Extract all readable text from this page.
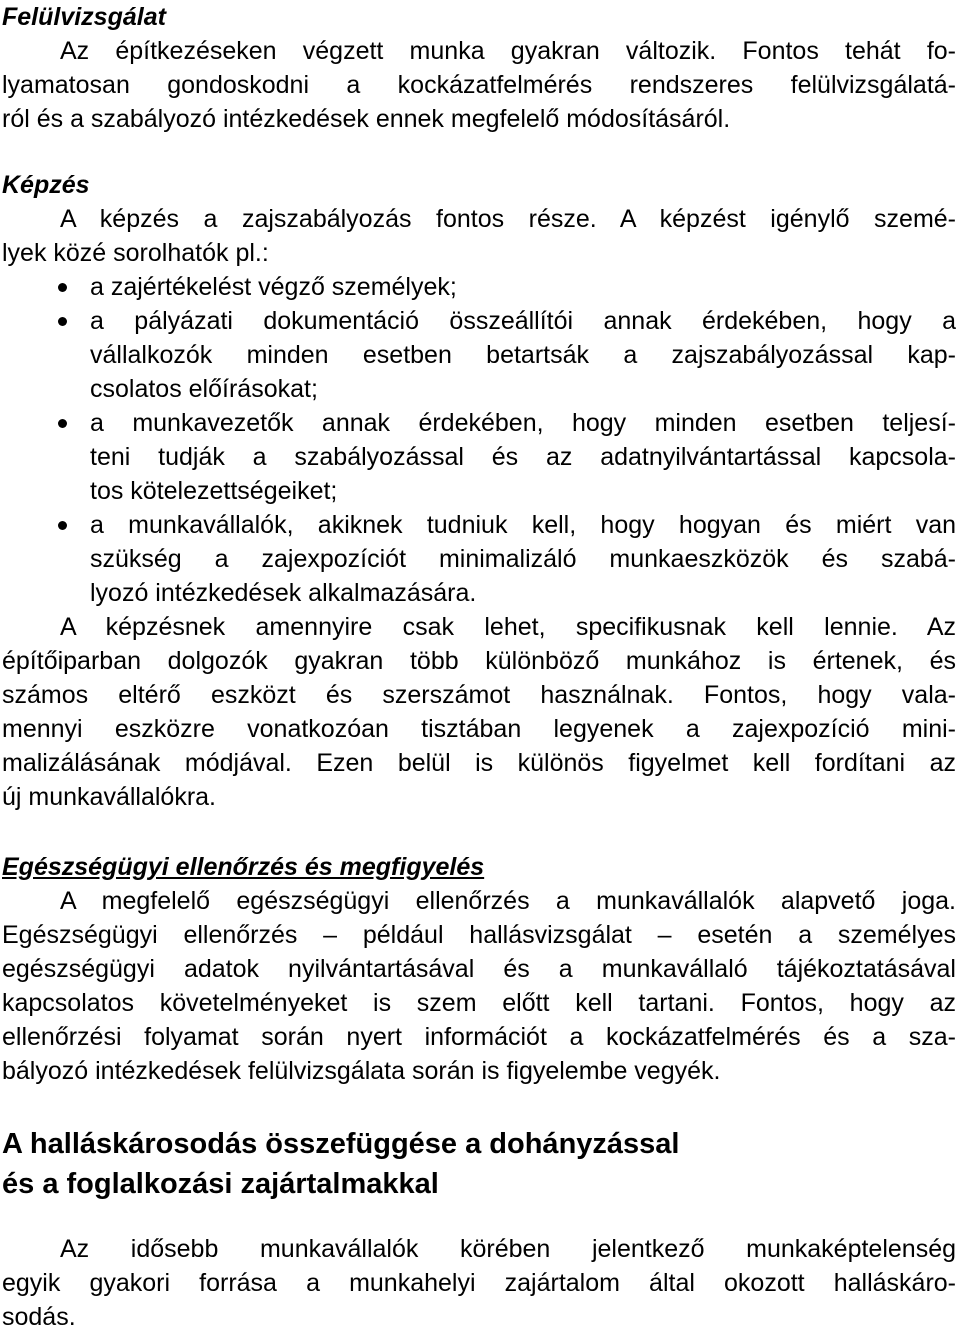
Felülvizsgálat
Az építkezéseken végzett munka gyakran változik. Fontos tehát fo-
lyamatosan gondoskodni a kockázatfelmérés rendszeres felülvizsgálatá-
ról és a szabályozó intézkedések ennek megfelelő módosításáról.
Képzés
A képzés a zajszabályozás fontos része. A képzést igénylő szemé-
lyek közé sorolhatók pl.:
a zajértékelést végző személyek;
a pályázati dokumentáció összeállítói annak érdekében, hogy a
vállalkozók minden esetben betartsák a zajszabályozással kap-
csolatos előírásokat;
a munkavezetők annak érdekében, hogy minden esetben teljesí-
teni tudják a szabályozással és az adatnyilvántartással kapcsola-
tos kötelezettségeiket;
a munkavállalók, akiknek tudniuk kell, hogy hogyan és miért van
szükség a zajexpozíciót minimalizáló munkaeszközök és szabá-
lyozó intézkedések alkalmazására.
A képzésnek amennyire csak lehet, specifikusnak kell lennie. Az
építőiparban dolgozók gyakran több különböző munkához is értenek, és
számos eltérő eszközt és szerszámot használnak. Fontos, hogy vala-
mennyi eszközre vonatkozóan tisztában legyenek a zajexpozíció mini-
malizálásának módjával. Ezen belül is különös figyelmet kell fordítani az
új munkavállalókra.
Egészségügyi ellenőrzés és megfigyelés
A megfelelő egészségügyi ellenőrzés a munkavállalók alapvető joga.
Egészségügyi ellenőrzés – például hallásvizsgálat – esetén a személyes
egészségügyi adatok nyilvántartásával és a munkavállaló tájékoztatásával
kapcsolatos követelményeket is szem előtt kell tartani. Fontos, hogy az
ellenőrzési folyamat során nyert információt a kockázatfelmérés és a sza-
bályozó intézkedések felülvizsgálata során is figyelembe vegyék.
A halláskárosodás összefüggése a dohányzással
és a foglalkozási zajártalmakkal
Az idősebb munkavállalók körében jelentkező munkaképtelenség
egyik gyakori forrása a munkahelyi zajártalom által okozott halláskáro-
sodás.
